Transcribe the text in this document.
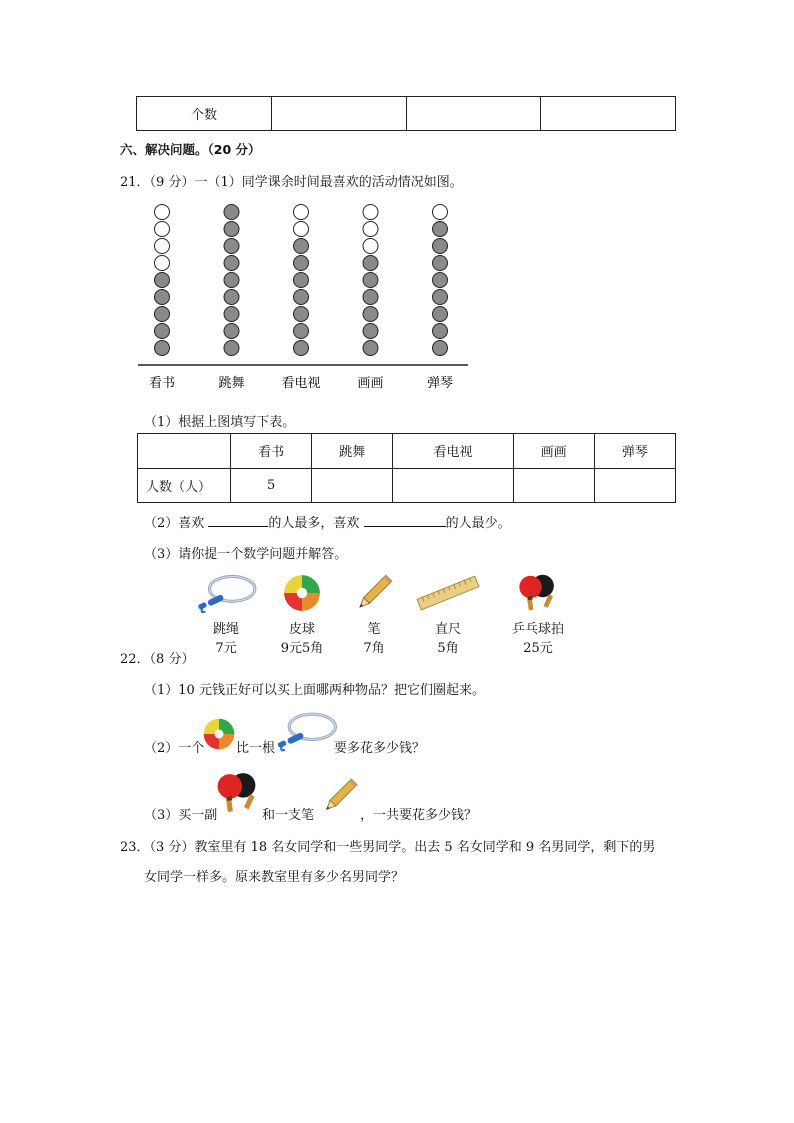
个数			
六、解决问题。（20 分）
21．（9 分）一（1）同学课余时间最喜欢的活动情况如图。
看书	跳舞	看电视	画画	弹琴
（1）根据上图填写下表。
	看书	跳舞	看电视	画画	弹琴
人数（人）	5				
（2）喜欢	的人最多，喜欢	的人最少。
（3）请你提一个数学问题并解答。
跳绳
7元
皮球
9元5角
笔
7角
直尺
5角
乒乓球拍
25元
22．（8 分）
（1）10 元钱正好可以买上面哪两种物品？把它们圈起来。
（2）一个 比一根	要多花多少钱？
（3）买一副	和一支笔	，一共要花多少钱？
23．（3 分）教室里有 18 名女同学和一些男同学。出去 5 名女同学和 9 名男同学，剩下的男
女同学一样多。原来教室里有多少名男同学？
